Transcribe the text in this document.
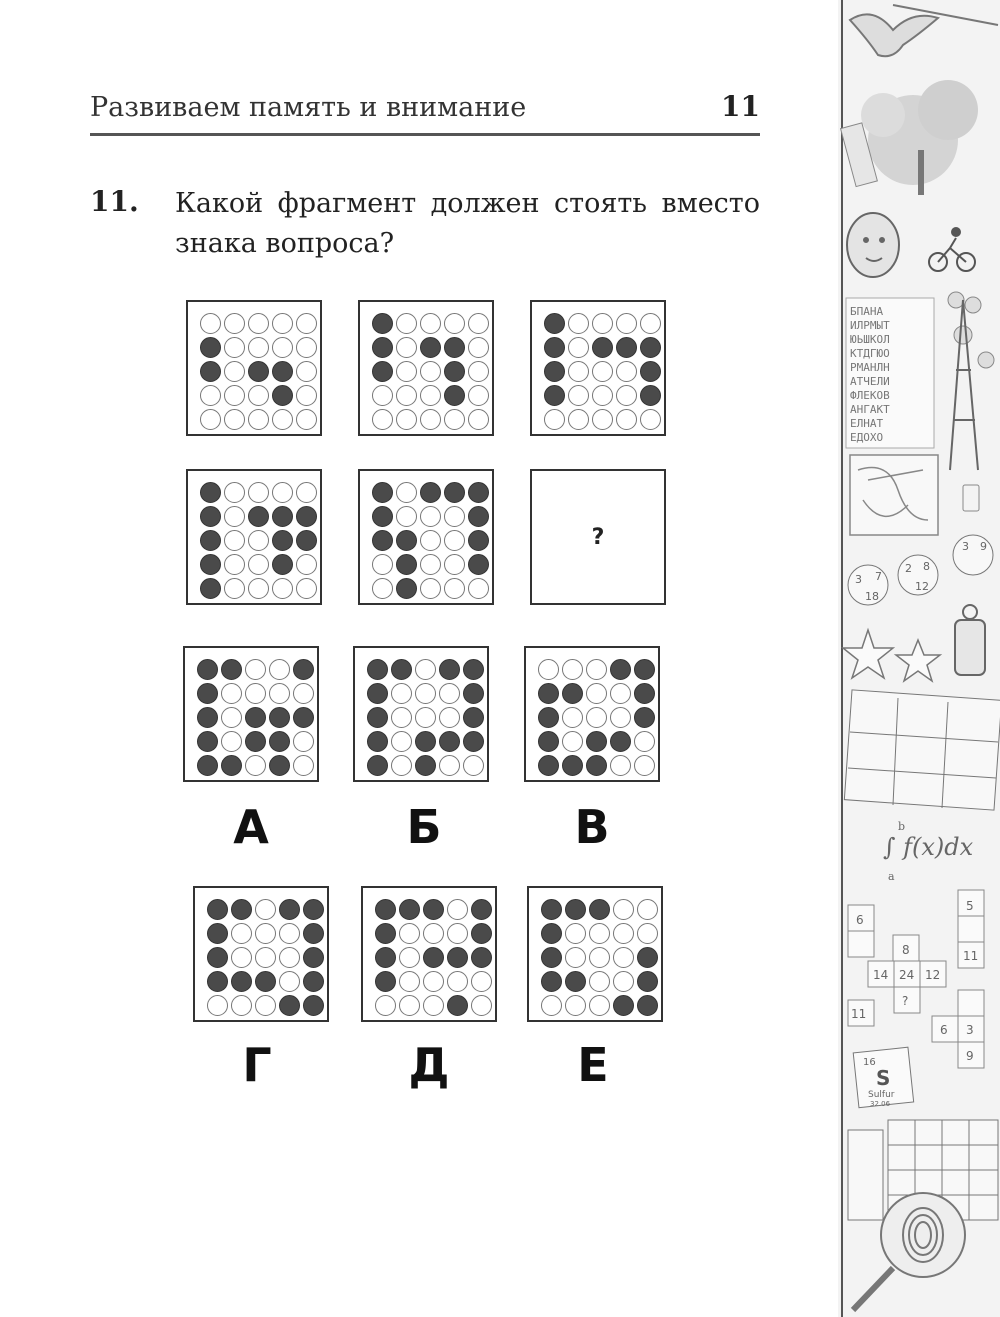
Развиваем память и внимание	11
11. Какой фрагмент должен стоять вместо знака вопроса?
?
А	Б	В
Г	Д	Е
БПАНА
ИЛРМЫТ
ЮЬШКОЛ
КТДГЮО
РМАНЛН
АТЧЕЛИ
ФЛЕКОВ
АНГАКТ
ЕЛНАТ
ЕДОХО
3 7
18
2 8
12
3 9
∫ f(x)dx
b
a
6
8
14 24 12
?
11
6 3
9
5
11
16
S
Sulfur
32.06
